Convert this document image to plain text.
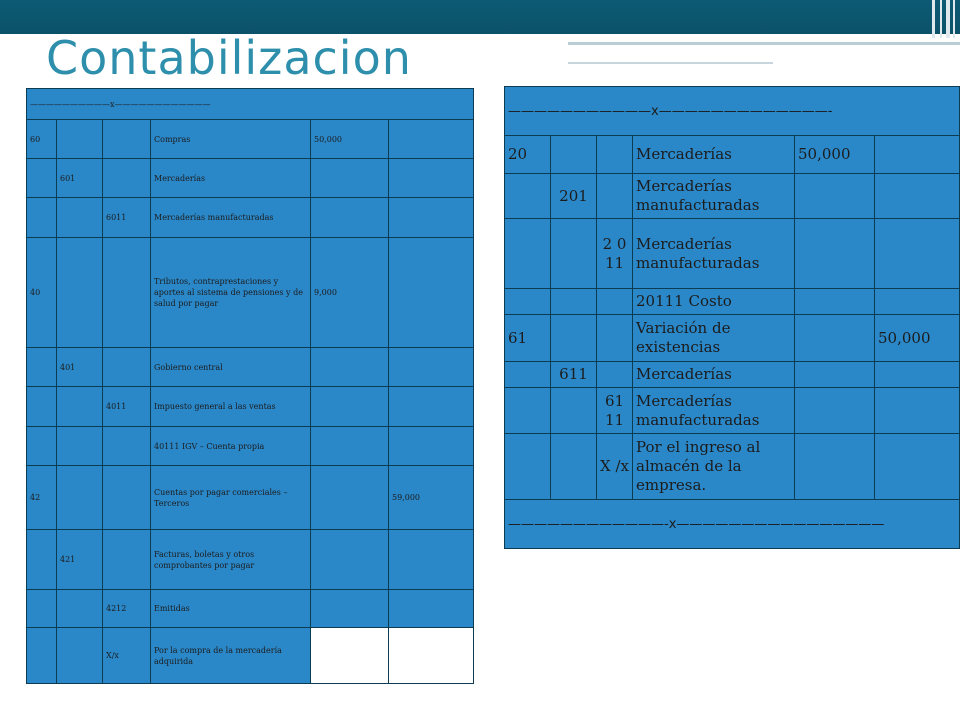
Contabilizacion
——————————x————————————					
60			Compras	50,000	
	601		Mercaderías		
		6011	Mercaderías manufacturadas		
40			Tributos, contraprestaciones y aportes al sistema de pensiones y de salud por pagar	9,000	
	401		Gobierno central		
		4011	Impuesto general a las ventas		
			40111 IGV – Cuenta propia		
42			Cuentas por pagar comerciales – Terceros		59,000
	421		Facturas, boletas y otros comprobantes por pagar		
		4212	Emitidas		
		X/x	Por la compra de la mercadería adquirida		
———————————x—————————————-					
20			Mercaderías	50,000	
	201		Mercaderías manufacturadas		
		2 0 11	Mercaderías manufacturadas		
			20111 Costo		
61			Variación de existencias		50,000
	611		Mercaderías		
		61 11	Mercaderías manufacturadas		
		X /x	Por el ingreso al almacén de la empresa.		
————————————-x————————————————					
